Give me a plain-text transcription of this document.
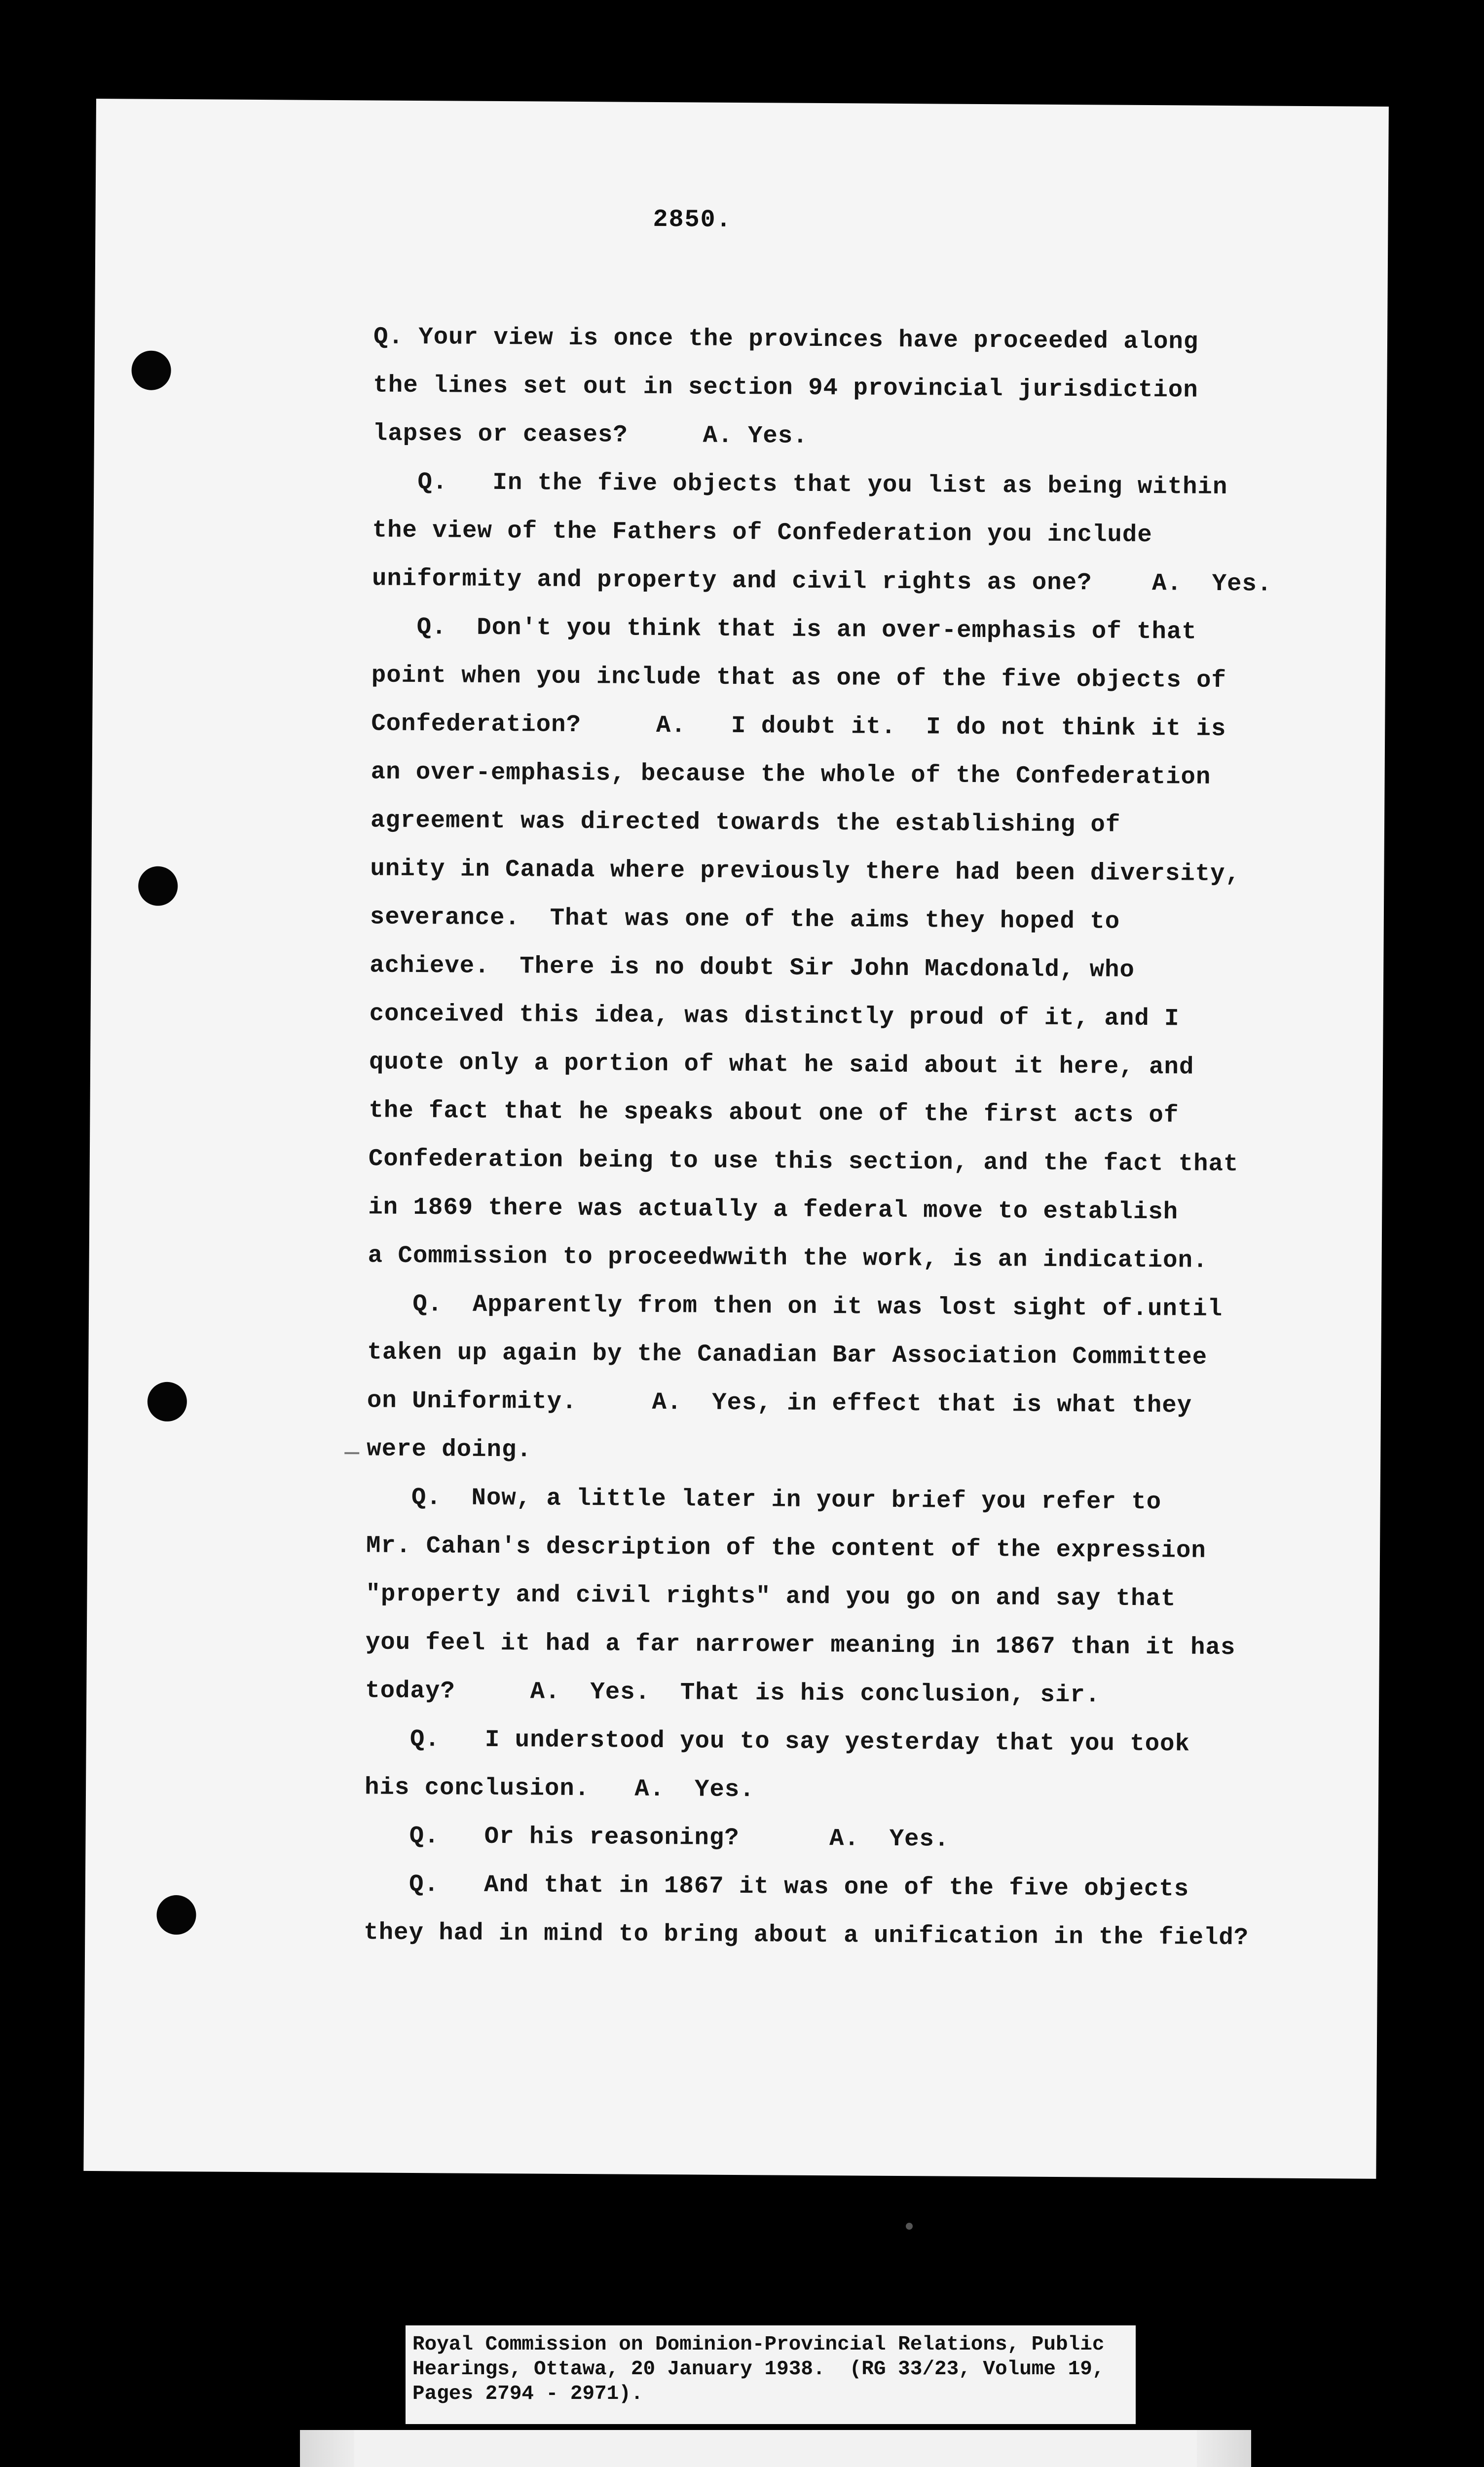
2850.
Q. Your view is once the provinces have proceeded along
the lines set out in section 94 provincial jurisdiction
lapses or ceases?     A. Yes.
Q.   In the five objects that you list as being within
the view of the Fathers of Confederation you include
uniformity and property and civil rights as one?    A.  Yes.
Q.  Don't you think that is an over-emphasis of that
point when you include that as one of the five objects of
Confederation?     A.   I doubt it.  I do not think it is
an over-emphasis, because the whole of the Confederation
agreement was directed towards the establishing of
unity in Canada where previously there had been diversity,
severance.  That was one of the aims they hoped to
achieve.  There is no doubt Sir John Macdonald, who
conceived this idea, was distinctly proud of it, and I
quote only a portion of what he said about it here, and
the fact that he speaks about one of the first acts of
Confederation being to use this section, and the fact that
in 1869 there was actually a federal move to establish
a Commission to proceedwwith the work, is an indication.
Q.  Apparently from then on it was lost sight of.until
taken up again by the Canadian Bar Association Committee
on Uniformity.     A.  Yes, in effect that is what they
were doing.
Q.  Now, a little later in your brief you refer to
Mr. Cahan's description of the content of the expression
"property and civil rights" and you go on and say that
you feel it had a far narrower meaning in 1867 than it has
today?     A.  Yes.  That is his conclusion, sir.
Q.   I understood you to say yesterday that you took
his conclusion.   A.  Yes.
Q.   Or his reasoning?      A.  Yes.
Q.   And that in 1867 it was one of the five objects
they had in mind to bring about a unification in the field?
Royal Commission on Dominion-Provincial Relations, Public
Hearings, Ottawa, 20 January 1938.  (RG 33/23, Volume 19,
Pages 2794 - 2971).
